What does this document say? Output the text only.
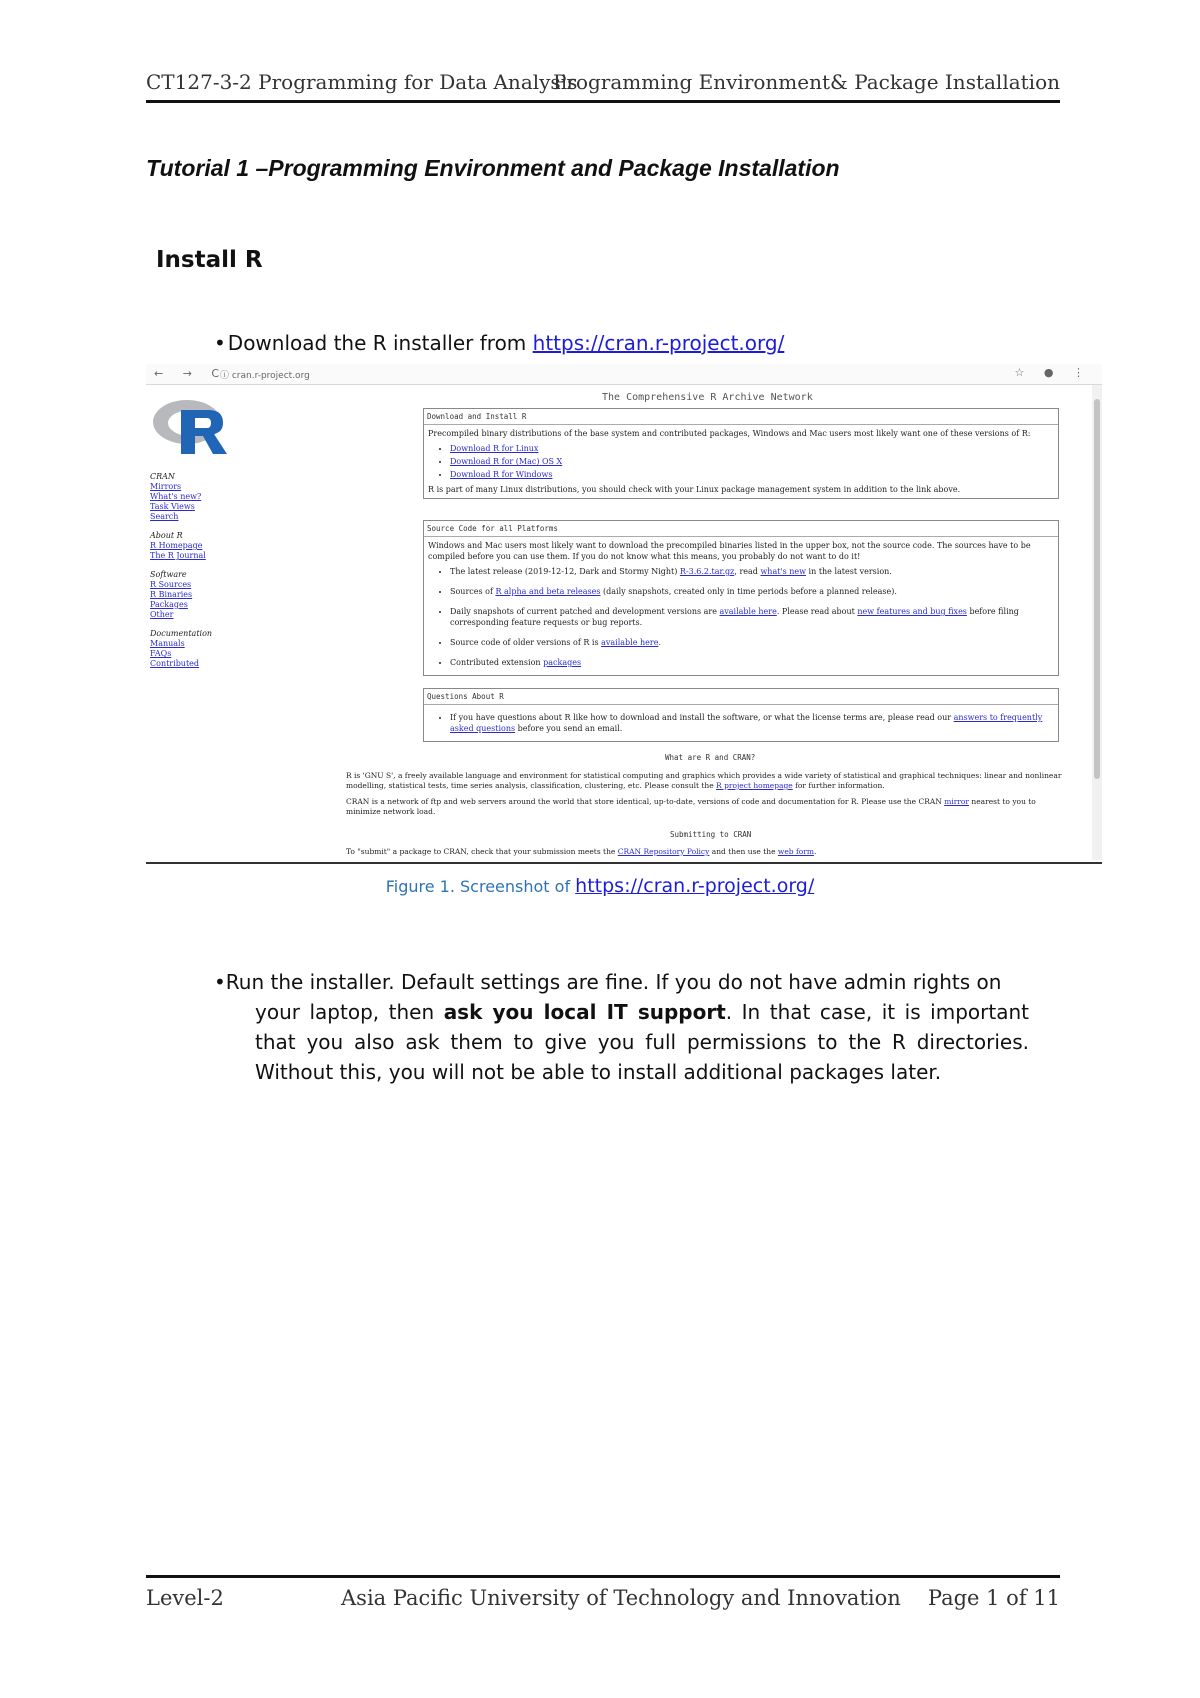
CT127-3-2 Programming for Data Analysis
Programming Environment& Package Installation
Tutorial 1 –Programming Environment and Package Installation
Install R
• Download the R installer from https://cran.r-project.org/
← → C
ⓘ cran.r-project.org	☆ ● ⋮
CRAN
Mirrors
What's new?
Task Views
Search
About R
R Homepage
The R Journal
Software
R Sources
R Binaries
Packages
Other
Documentation
Manuals
FAQs
Contributed
The Comprehensive R Archive Network
Download and Install R
Precompiled binary distributions of the base system and contributed packages, Windows and Mac users most likely want one of these versions of R:
• Download R for Linux
• Download R for (Mac) OS X
• Download R for Windows
R is part of many Linux distributions, you should check with your Linux package management system in addition to the link above.
Source Code for all Platforms
Windows and Mac users most likely want to download the precompiled binaries listed in the upper box, not the source code. The sources have to be compiled before you can use them. If you do not know what this means, you probably do not want to do it!
• The latest release (2019-12-12, Dark and Stormy Night) R-3.6.2.tar.gz, read what's new in the latest version.
• Sources of R alpha and beta releases (daily snapshots, created only in time periods before a planned release).
• Daily snapshots of current patched and development versions are available here. Please read about new features and bug fixes before filing corresponding feature requests or bug reports.
• Source code of older versions of R is available here.
• Contributed extension packages
Questions About R
• If you have questions about R like how to download and install the software, or what the license terms are, please read our answers to frequently asked questions before you send an email.
What are R and CRAN?
R is 'GNU S', a freely available language and environment for statistical computing and graphics which provides a wide variety of statistical and graphical techniques: linear and nonlinear modelling, statistical tests, time series analysis, classification, clustering, etc. Please consult the R project homepage for further information.
CRAN is a network of ftp and web servers around the world that store identical, up-to-date, versions of code and documentation for R. Please use the CRAN mirror nearest to you to minimize network load.
Submitting to CRAN
To "submit" a package to CRAN, check that your submission meets the CRAN Repository Policy and then use the web form.
Figure 1. Screenshot of https://cran.r-project.org/
•Run the installer. Default settings are fine. If you do not have admin rights on
your laptop, then ask you local IT support. In that case, it is important that you also ask them to give you full permissions to the R directories. Without this, you will not be able to install additional packages later.
Level-2	Asia Pacific University of Technology and Innovation Page 1 of 11
